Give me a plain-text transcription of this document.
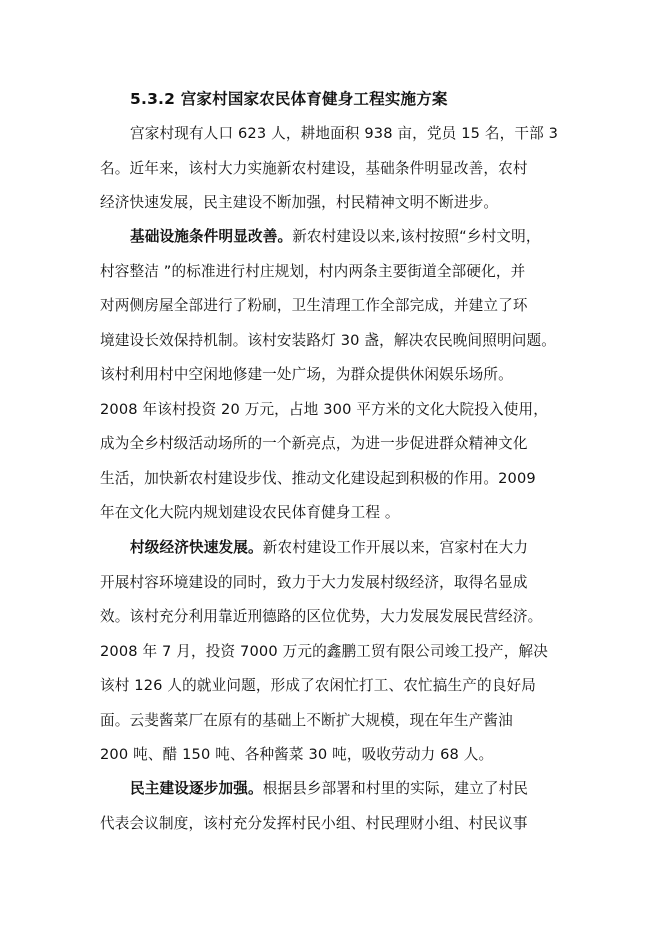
5.3.2 宫家村国家农民体育健身工程实施方案
宫家村现有人口 623 人，耕地面积 938 亩，党员 15 名，干部 3
名。近年来，该村大力实施新农村建设，基础条件明显改善，农村
经济快速发展，民主建设不断加强，村民精神文明不断进步。
基础设施条件明显改善。新农村建设以来,该村按照“乡村文明，
村容整洁 ”的标准进行村庄规划，村内两条主要街道全部硬化，并
对两侧房屋全部进行了粉刷，卫生清理工作全部完成，并建立了环
境建设长效保持机制。该村安装路灯 30 盏，解决农民晚间照明问题。
该村利用村中空闲地修建一处广场，为群众提供休闲娱乐场所。
2008 年该村投资 20 万元，占地 300 平方米的文化大院投入使用，
成为全乡村级活动场所的一个新亮点，为进一步促进群众精神文化
生活，加快新农村建设步伐、推动文化建设起到积极的作用。2009
年在文化大院内规划建设农民体育健身工程 。
村级经济快速发展。新农村建设工作开展以来，宫家村在大力
开展村容环境建设的同时，致力于大力发展村级经济，取得名显成
效。该村充分利用靠近刑德路的区位优势，大力发展发展民营经济。
2008 年 7 月，投资 7000 万元的鑫鹏工贸有限公司竣工投产，解决
该村 126 人的就业问题，形成了农闲忙打工、农忙搞生产的良好局
面。云斐酱菜厂在原有的基础上不断扩大规模，现在年生产酱油
200 吨、醋 150 吨、各种酱菜 30 吨，吸收劳动力 68 人。
民主建设逐步加强。根据县乡部署和村里的实际，建立了村民
代表会议制度，该村充分发挥村民小组、村民理财小组、村民议事
